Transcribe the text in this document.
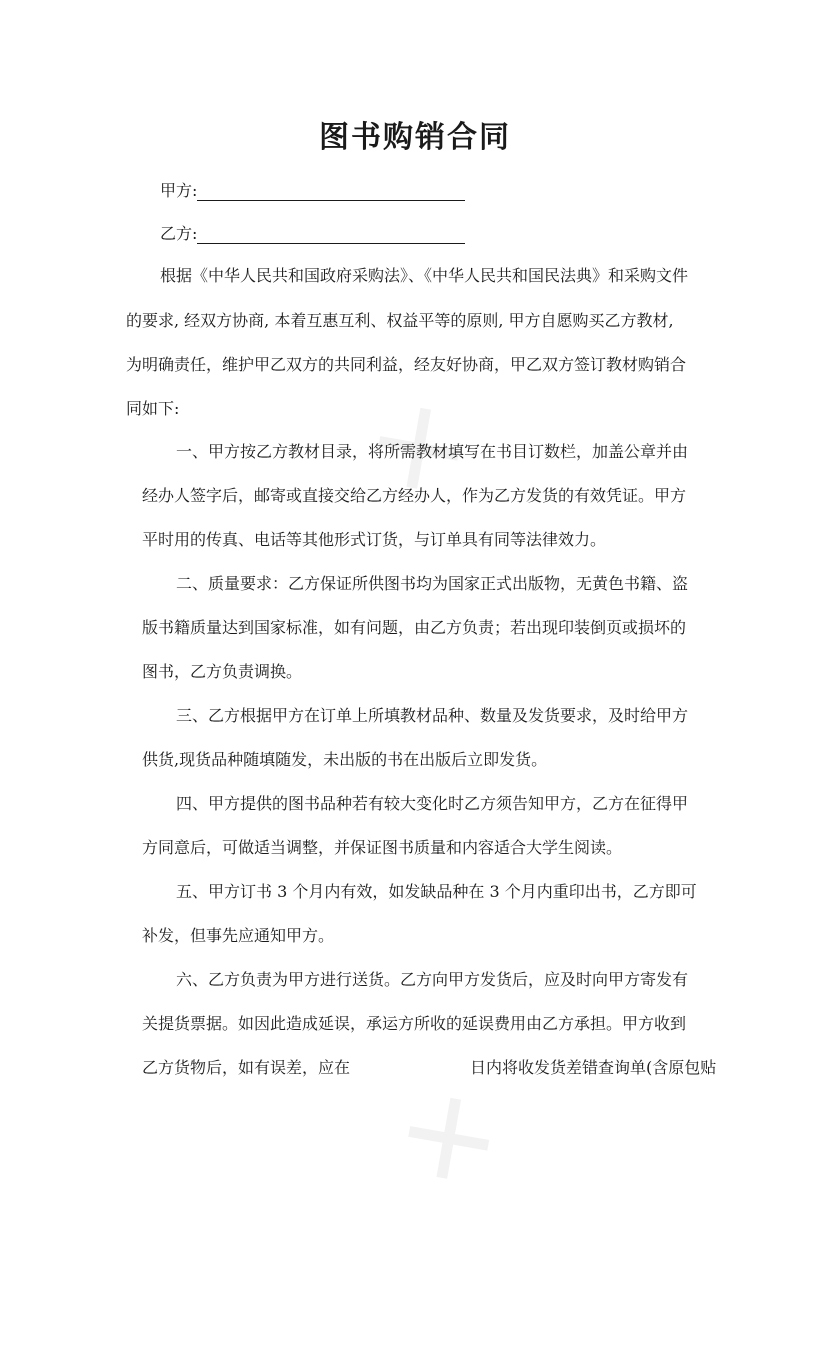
✕
✕
图书购销合同
甲方:
乙方:
根据《中华人民共和国政府采购法》、《中华人民共和国民法典》和采购文件
的要求, 经双方协商, 本着互惠互利、权益平等的原则, 甲方自愿购买乙方教材,
为明确责任，维护甲乙双方的共同利益，经友好协商，甲乙双方签订教材购销合
同如下:
一、甲方按乙方教材目录，将所需教材填写在书目订数栏，加盖公章并由
经办人签字后，邮寄或直接交给乙方经办人，作为乙方发货的有效凭证。甲方
平时用的传真、电话等其他形式订货，与订单具有同等法律效力。
二、质量要求：乙方保证所供图书均为国家正式出版物，无黄色书籍、盗
版书籍质量达到国家标准，如有问题，由乙方负责；若出现印装倒页或损坏的
图书，乙方负责调换。
三、乙方根据甲方在订单上所填教材品种、数量及发货要求，及时给甲方
供货,现货品种随填随发，未出版的书在出版后立即发货。
四、甲方提供的图书品种若有较大变化时乙方须告知甲方，乙方在征得甲
方同意后，可做适当调整，并保证图书质量和内容适合大学生阅读。
五、甲方订书 3 个月内有效，如发缺品种在 3 个月内重印出书，乙方即可
补发，但事先应通知甲方。
六、乙方负责为甲方进行送货。乙方向甲方发货后，应及时向甲方寄发有
关提货票据。如因此造成延误，承运方所收的延误费用由乙方承担。甲方收到
乙方货物后，如有误差，应在	日内将收发货差错查询单(含原包贴
